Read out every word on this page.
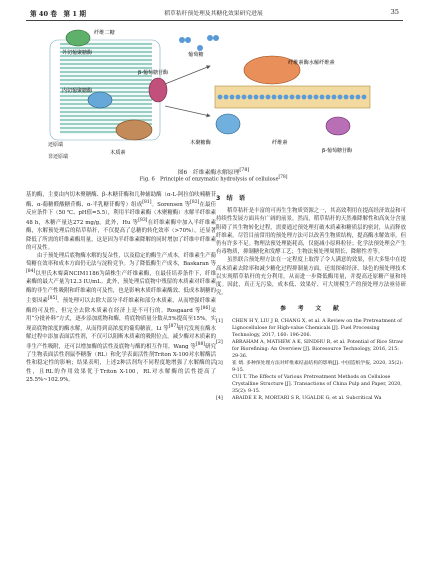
第 40 卷　第 1 期	稻草秸秆预处理及其糖化效果研究进展	35
纤维二糖
葡萄糖
β-葡萄糖苷酶
外切葡聚糖酶
内切葡聚糖酶
还原端
非还原端
纤维素酶水解纤维素
木质素
木聚糖酶	纤维素
β-葡萄糖苷酶
图6　纤维素酶水解原理[78]
Fig. 6　Principle of enzymatic hydrolysis of cellulose[78]

基的酶，主要由内切木聚糖酶、β-木糖苷酶和几种辅助酶（α-L-阿拉伯呋喃糖苷酶、α-葡糖醛酸糖苷酶、α-半乳糖苷酶等）组成[81]。Sorensen 等[82]在最佳反应条件下（50 ℃、pH值=5.5），利用半纤维素酶（木聚糖酶）水解半纤维素48 h，木糖产量达272 mg/g。此外，Hu 等[83]在纤维素酶中加入半纤维素酶，水解预处理后的秸草秸秆，不仅提高了总糖的转化效率（>70%），还显著降低了所需的纤维素酶用量，这是因为半纤维素降解的同时增加了纤维中纤维素的可及性。

由于预处理后底物酶水解的复杂性，以及稳定的酶生产成本，纤维素生产葡萄糖在效率和成本方面仍无法与淀粉竞争。为了降低酶生产成本，Baskaran 等[84]以里氏木霉菌NCIM1186为菌株生产纤维素酶，在最佳培养条件下，纤维素酶的最大产量为12.3 IU/mL。此外，预处理后底物中残留的木质素对纤维素酶的非生产性吸附和纤维素的可及性，也是影响木质纤维素酶效、低成本制糖的主要因素[85]。预处理可以去除大部分半纤维素和部分木质素，从而增强纤维素酶的可及性，但完全去除木质素在经济上是不可行的。Rosgaard 等[86]采用“分批补料”方式，逐步添加底物和酶，将底物质量分数从5%提高至15%，实现高底物浓度的酶水解，从而得到高浓度的葡萄糖液。Li 等[87]研究发现在酶水解过程中添加表面活性剂，不仅可以阻断木质素的吸附位点，减少酶对木质素的非生产性吸附，还可以增加酶的活性及底物与酶的相互作用。Wang 等[88]研究了生物表面活性剂鼠李糖脂（RL）和化学表面活性剂Triton X-100对水解酶活性和稳定性的影响；结果表明，上述2种活剂均不同程度地增强了水解酶的活性，且RL的作用效果优于Triton X-100，RL对水解酶的活性提高了25.5%~102.9%。

3　 结　语

稻草秸秆是丰富的可再生生物质资源之一，其高效利用在提高经济效益和可持续性发展方面具有广阔的前景。然而，稻草秸秆的天然难降解性和高灰分含量阻碍了其生物转化过程，需要通过预处理打破木质素和糖质层的密封，从而释放纤维素。尽管目前常用的预处理方法可以改善生物质结构，提高酶水解效率，但仍有许多不足。物理法预处理能耗高，仅能减小原料粒径；化学法预处理会产生有毒物质，抑制糖化和发酵工艺；生物法预处理周期长、降解性差等。

虽然联合预处理方法在一定程度上取得了令人满意的效果，但大多集中在提高木质素去除率和减少糖化过程抑制量方面，还需探索经济、绿色的预处理技术以实现稻草秸秆的充分利用，从而进一步降低酶用量，并提高还原糖产量和纯度。因此，真正无污染，成本低、效果好、可大规模生产的预处理方法亟待研究。

参　考　文　献
[1]	CHEN H Y, LIU J B, CHANG X, et al. A Review on the Pretreatment of Lignocellulose for High-value Chemicals [J]. Fuel Processing Technology, 2017, 160: 196-206.
[2]	ABRAHAM A, MATHEW A K, SINDHU R, et al. Potential of Rice Straw for Biorefining: An Overview [J]. Bioresource Technology, 2016, 215: 29-36.
[3]	崔 婧. 多种预处理方法对纤维素结晶结构的影响[J]. 中国造纸学报, 2020, 35(2): 9-15.
CUI T. The Effects of Various Pretreatment Methods on Cellulose Crystalline Structure [J]. Transactions of China Pulp and Paper, 2020, 35(2): 9-15.
[4]	ABAIDE E R, MORTARI S R, UGALDE G, et al. Subcritical Wa
